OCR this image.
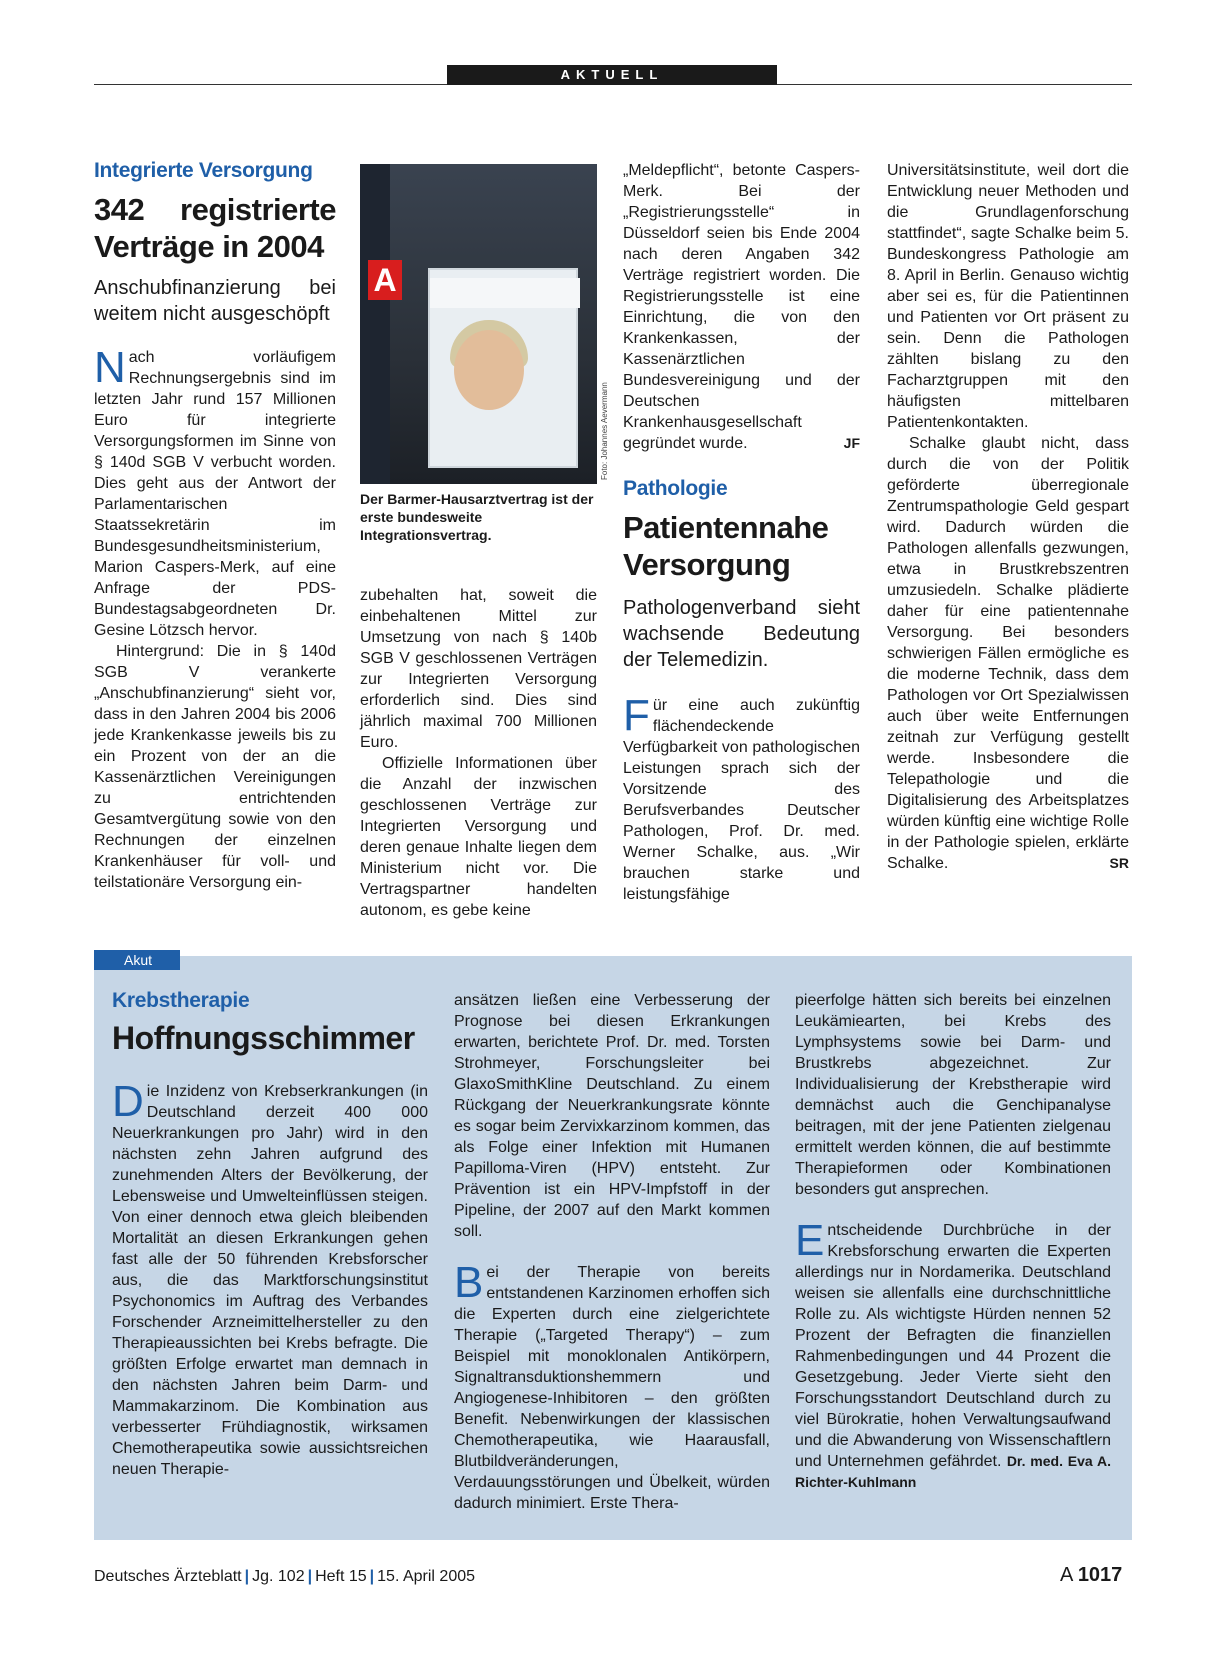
AKTUELL
Integrierte Versorgung
342 registrierte Verträge in 2004
Anschubfinanzierung bei weitem nicht ausgeschöpft

Nach vorläufigem Rechnungsergebnis sind im letzten Jahr rund 157 Millionen Euro für integrierte Versorgungsformen im Sinne von § 140d SGB V verbucht worden. Dies geht aus der Antwort der Parlamentarischen Staatssekretärin im Bundesgesundheitsministerium, Marion Caspers-Merk, auf eine Anfrage der PDS-Bundestagsabgeordneten Dr. Gesine Lötzsch hervor.

Hintergrund: Die in § 140d SGB V verankerte „Anschubfinanzierung“ sieht vor, dass in den Jahren 2004 bis 2006 jede Krankenkasse jeweils bis zu ein Prozent von der an die Kassenärztlichen Vereinigungen zu entrichtenden Gesamtvergütung sowie von den Rechnungen der einzelnen Krankenhäuser für voll- und teilstationäre Versorgung ein-

A
Foto: Johannes Aevermann
Der Barmer-Hausarztvertrag ist der erste bundesweite Integrationsvertrag.

zubehalten hat, soweit die einbehaltenen Mittel zur Umsetzung von nach § 140b SGB V geschlossenen Verträgen zur Integrierten Versorgung erforderlich sind. Dies sind jährlich maximal 700 Millionen Euro.

Offizielle Informationen über die Anzahl der inzwischen geschlossenen Verträge zur Integrierten Versorgung und deren genaue Inhalte liegen dem Ministerium nicht vor. Die Vertragspartner handelten autonom, es gebe keine

„Meldepflicht“, betonte Caspers-Merk. Bei der „Registrierungsstelle“ in Düsseldorf seien bis Ende 2004 nach deren Angaben 342 Verträge registriert worden. Die Registrierungsstelle ist eine Einrichtung, die von den Krankenkassen, der Kassenärztlichen Bundesvereinigung und der Deutschen Krankenhausgesellschaft gegründet wurde.	JF

Pathologie
Patientennahe Versorgung
Pathologenverband sieht wachsende Bedeutung der Telemedizin.

Für eine auch zukünftig flächendeckende Verfügbarkeit von pathologischen Leistungen sprach sich der Vorsitzende des Berufsverbandes Deutscher Pathologen, Prof. Dr. med. Werner Schalke, aus. „Wir brauchen starke und leistungsfähige

Universitätsinstitute, weil dort die Entwicklung neuer Methoden und die Grundlagenforschung stattfindet“, sagte Schalke beim 5. Bundeskongress Pathologie am 8. April in Berlin. Genauso wichtig aber sei es, für die Patientinnen und Patienten vor Ort präsent zu sein. Denn die Pathologen zählten bislang zu den Facharztgruppen mit den häufigsten mittelbaren Patientenkontakten.

Schalke glaubt nicht, dass durch die von der Politik geförderte überregionale Zentrumspathologie Geld gespart wird. Dadurch würden die Pathologen allenfalls gezwungen, etwa in Brustkrebszentren umzusiedeln. Schalke plädierte daher für eine patientennahe Versorgung. Bei besonders schwierigen Fällen ermögliche es die moderne Technik, dass dem Pathologen vor Ort Spezialwissen auch über weite Entfernungen zeitnah zur Verfügung gestellt werde. Insbesondere die Telepathologie und die Digitalisierung des Arbeitsplatzes würden künftig eine wichtige Rolle in der Pathologie spielen, erklärte Schalke.	SR

Akut
Krebstherapie
Hoffnungsschimmer

Die Inzidenz von Krebserkrankungen (in Deutschland derzeit 400 000 Neuerkrankungen pro Jahr) wird in den nächsten zehn Jahren aufgrund des zunehmenden Alters der Bevölkerung, der Lebensweise und Umwelteinflüssen steigen. Von einer dennoch etwa gleich bleibenden Mortalität an diesen Erkrankungen gehen fast alle der 50 führenden Krebsforscher aus, die das Marktforschungsinstitut Psychonomics im Auftrag des Verbandes Forschender Arzneimittelhersteller zu den Therapieaussichten bei Krebs befragte. Die größten Erfolge erwartet man demnach in den nächsten Jahren beim Darm- und Mammakarzinom. Die Kombination aus verbesserter Frühdiagnostik, wirksamen Chemotherapeutika sowie aussichtsreichen neuen Therapie-

ansätzen ließen eine Verbesserung der Prognose bei diesen Erkrankungen erwarten, berichtete Prof. Dr. med. Torsten Strohmeyer, Forschungsleiter bei GlaxoSmithKline Deutschland. Zu einem Rückgang der Neuerkrankungsrate könnte es sogar beim Zervixkarzinom kommen, das als Folge einer Infektion mit Humanen Papilloma-Viren (HPV) entsteht. Zur Prävention ist ein HPV-Impfstoff in der Pipeline, der 2007 auf den Markt kommen soll.

Bei der Therapie von bereits entstandenen Karzinomen erhoffen sich die Experten durch eine zielgerichtete Therapie („Targeted Therapy“) – zum Beispiel mit monoklonalen Antikörpern, Signaltransduktionshemmern und Angiogenese-Inhibitoren – den größten Benefit. Nebenwirkungen der klassischen Chemotherapeutika, wie Haarausfall, Blutbildveränderungen, Verdauungsstörungen und Übelkeit, würden dadurch minimiert. Erste Thera-

pieerfolge hätten sich bereits bei einzelnen Leukämiearten, bei Krebs des Lymphsystems sowie bei Darm- und Brustkrebs abgezeichnet. Zur Individualisierung der Krebstherapie wird demnächst auch die Genchipanalyse beitragen, mit der jene Patienten zielgenau ermittelt werden können, die auf bestimmte Therapieformen oder Kombinationen besonders gut ansprechen.

Entscheidende Durchbrüche in der Krebsforschung erwarten die Experten allerdings nur in Nordamerika. Deutschland weisen sie allenfalls eine durchschnittliche Rolle zu. Als wichtigste Hürden nennen 52 Prozent der Befragten die finanziellen Rahmenbedingungen und 44 Prozent die Gesetzgebung. Jeder Vierte sieht den Forschungsstandort Deutschland durch zu viel Bürokratie, hohen Verwaltungsaufwand und die Abwanderung von Wissenschaftlern und Unternehmen gefährdet. Dr. med. Eva A. Richter-Kuhlmann

Deutsches Ärzteblatt | Jg. 102 | Heft 15 | 15. April 2005	A 1017
